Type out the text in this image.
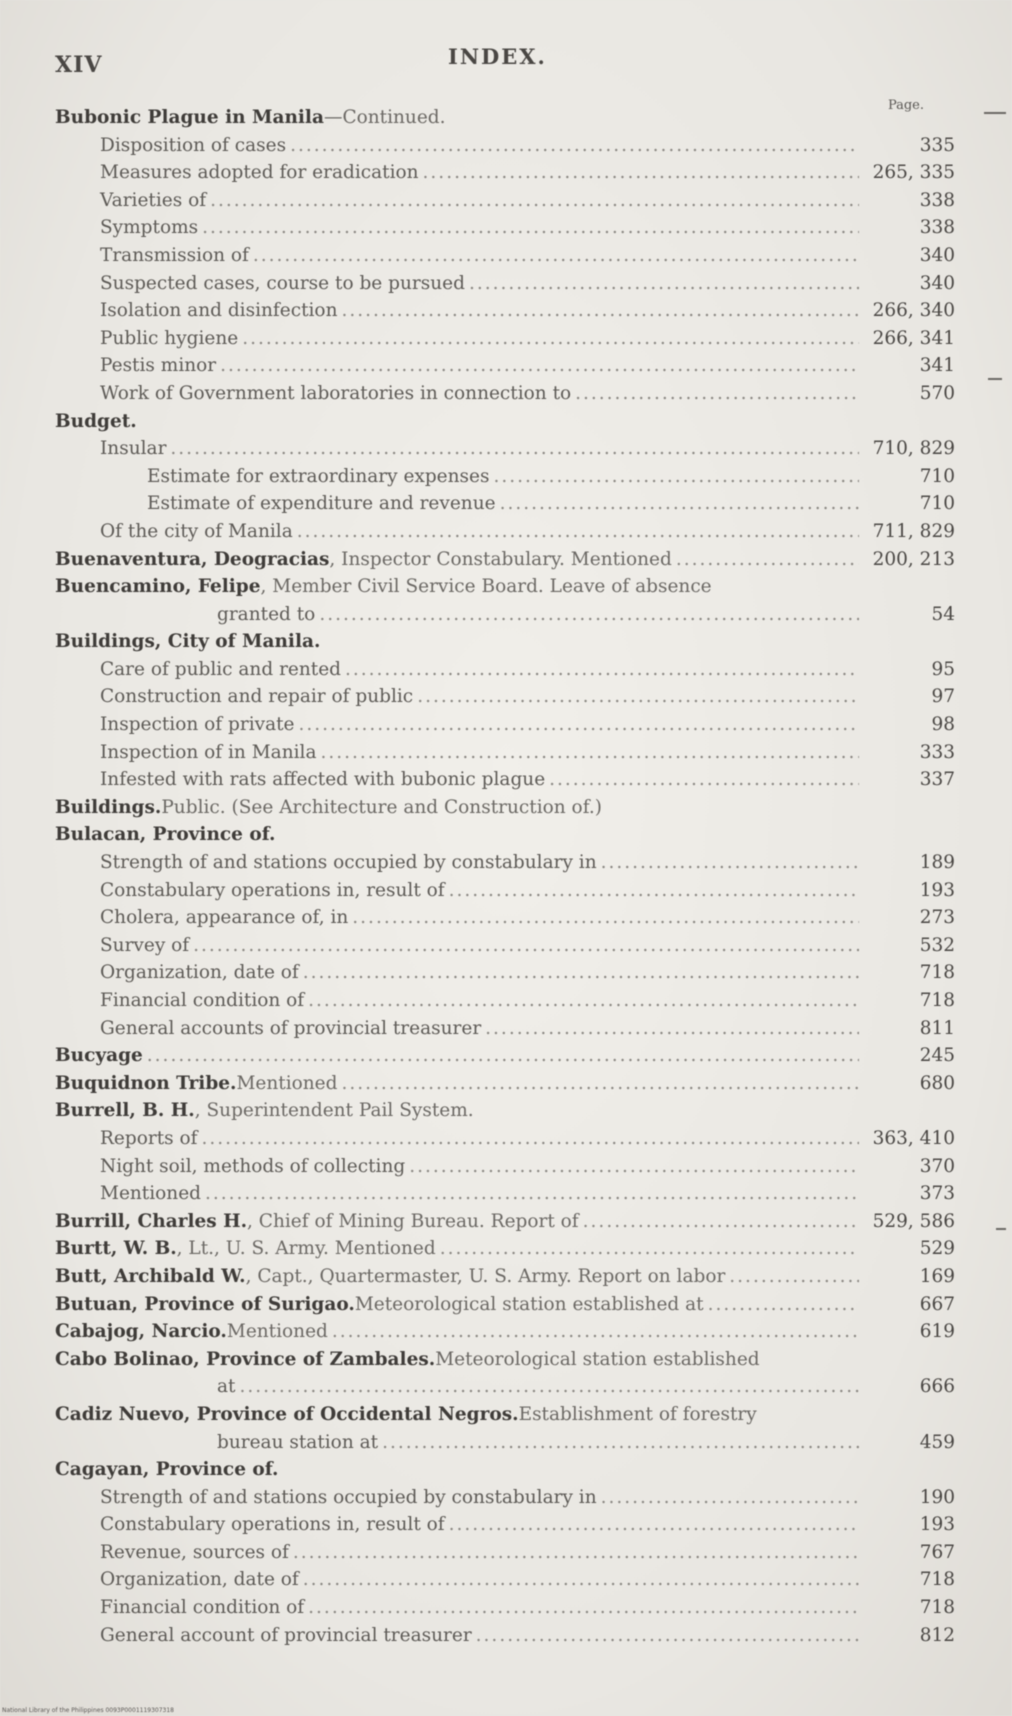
XIV	INDEX.
Page.
Bubonic Plague in Manila —Continued.
Disposition of cases .....	335
Measures adopted for eradication .....	265, 335
Varieties of .....	338
Symptoms .....	338
Transmission of .....	340
Suspected cases, course to be pursued .....	340
Isolation and disinfection .....	266, 340
Public hygiene .....	266, 341
Pestis minor .....	341
Work of Government laboratories in connection to .....	570
Budget.
Insular .....	710, 829
Estimate for extraordinary expenses .....	710
Estimate of expenditure and revenue .....	710
Of the city of Manila .....	711, 829
Buenaventura, Deogracias , Inspector Constabulary. Mentioned .....	200, 213
Buencamino, Felipe , Member Civil Service Board. Leave of absence
granted to .....	54
Buildings, City of Manila.
Care of public and rented .....	95
Construction and repair of public .....	97
Inspection of private .....	98
Inspection of in Manila .....	333
Infested with rats affected with bubonic plague .....	337
Buildings. Public. (See Architecture and Construction of.)
Bulacan, Province of.
Strength of and stations occupied by constabulary in .....	189
Constabulary operations in, result of .....	193
Cholera, appearance of, in .....	273
Survey of .....	532
Organization, date of .....	718
Financial condition of .....	718
General accounts of provincial treasurer .....	811
Bucyage .....	245
Buquidnon Tribe. Mentioned .....	680
Burrell, B. H. , Superintendent Pail System.
Reports of .....	363, 410
Night soil, methods of collecting .....	370
Mentioned .....	373
Burrill, Charles H. , Chief of Mining Bureau. Report of .....	529, 586
Burtt, W. B. , Lt., U. S. Army. Mentioned .....	529
Butt, Archibald W. , Capt., Quartermaster, U. S. Army. Report on labor .....	169
Butuan, Province of Surigao. Meteorological station established at .....	667
Cabajog, Narcio. Mentioned .....	619
Cabo Bolinao, Province of Zambales. Meteorological station established
at .....	666
Cadiz Nuevo, Province of Occidental Negros. Establishment of forestry
bureau station at .....	459
Cagayan, Province of.
Strength of and stations occupied by constabulary in .....	190
Constabulary operations in, result of .....	193
Revenue, sources of .....	767
Organization, date of .....	718
Financial condition of .....	718
General account of provincial treasurer .....	812
National Library of the Philippines 0093P0001119307318
